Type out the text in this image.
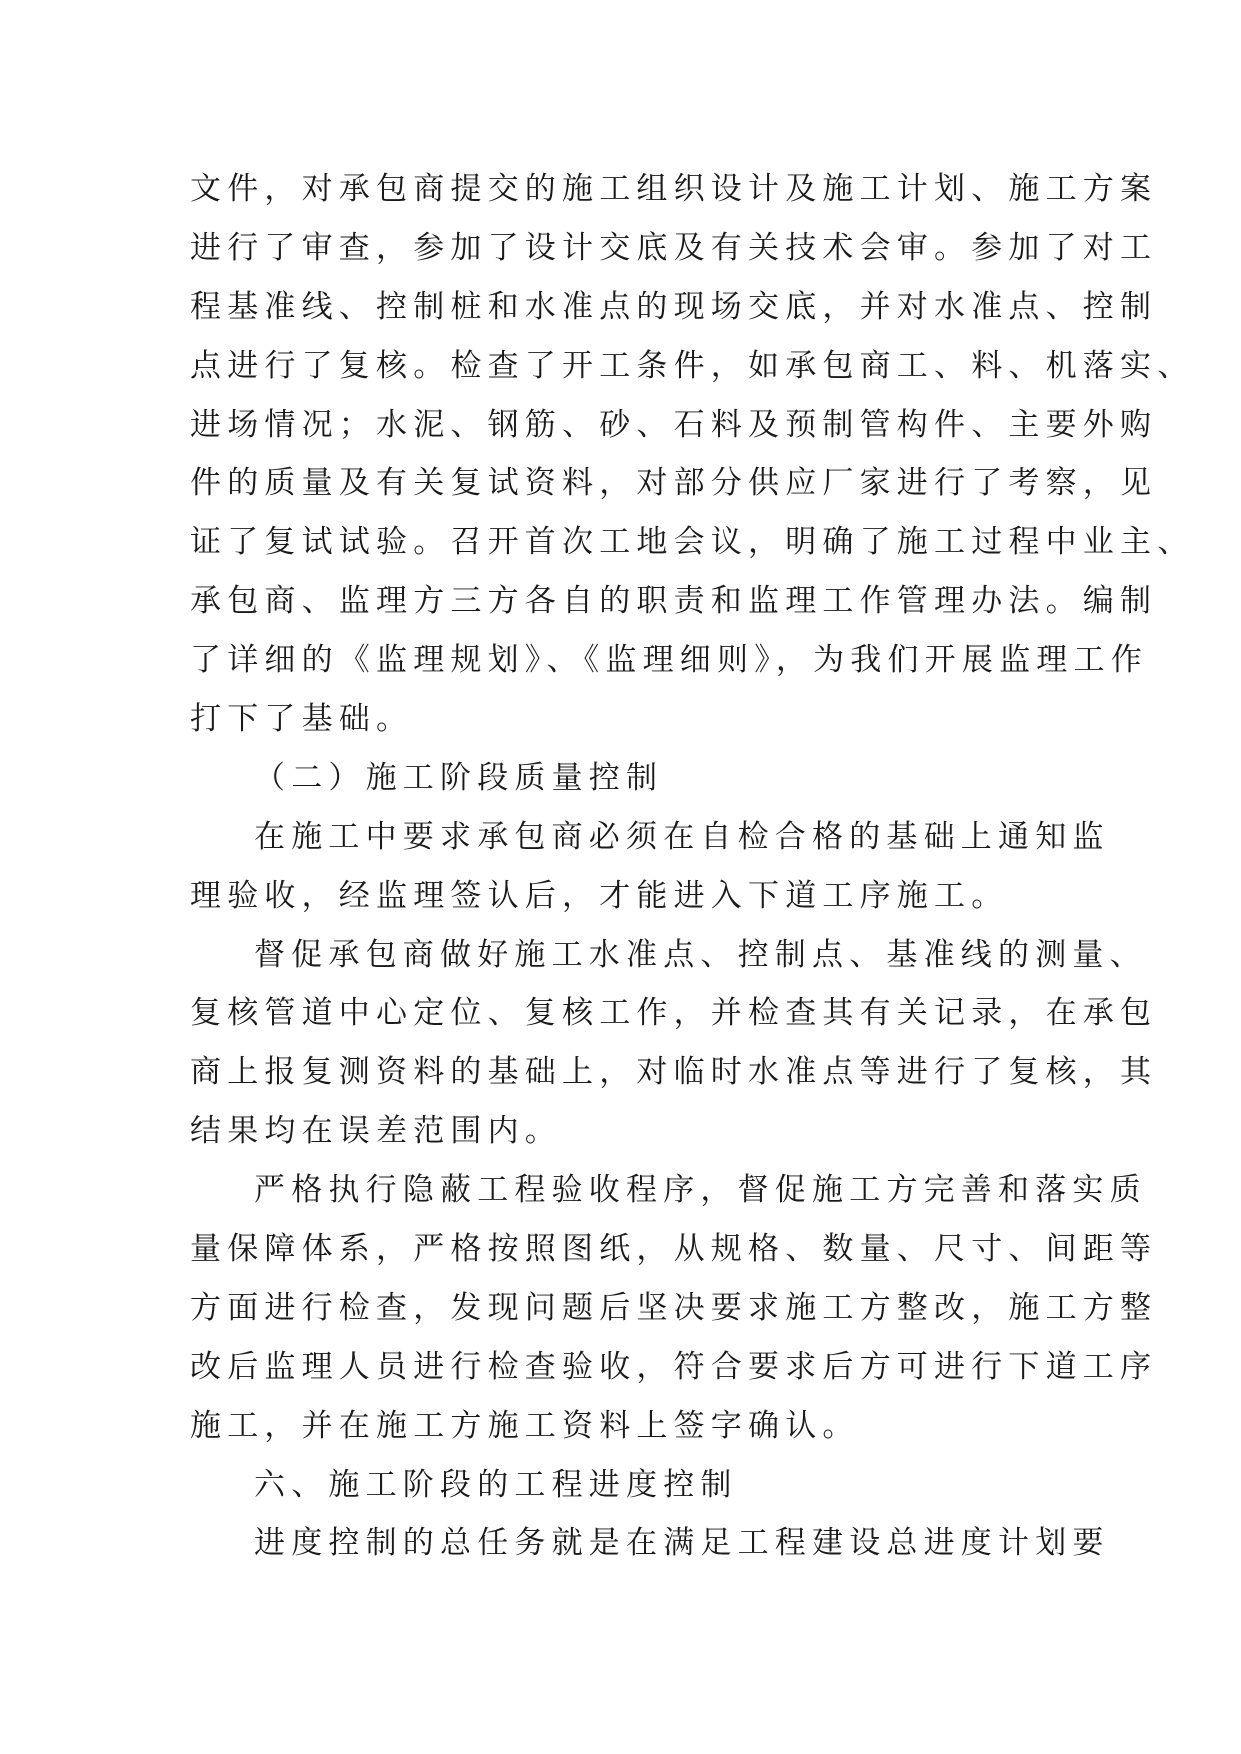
文件，对承包商提交的施工组织设计及施工计划、施工方案
进行了审查，参加了设计交底及有关技术会审。参加了对工
程基准线、控制桩和水准点的现场交底，并对水准点、控制
点进行了复核。检查了开工条件，如承包商工、料、机落实、
进场情况；水泥、钢筋、砂、石料及预制管构件、主要外购
件的质量及有关复试资料，对部分供应厂家进行了考察，见
证了复试试验。召开首次工地会议，明确了施工过程中业主、
承包商、监理方三方各自的职责和监理工作管理办法。编制
了详细的《监理规划》、《监理细则》，为我们开展监理工作
打下了基础。
（二）施工阶段质量控制
在施工中要求承包商必须在自检合格的基础上通知监
理验收，经监理签认后，才能进入下道工序施工。
督促承包商做好施工水准点、控制点、基准线的测量、
复核管道中心定位、复核工作，并检查其有关记录，在承包
商上报复测资料的基础上，对临时水准点等进行了复核，其
结果均在误差范围内。
严格执行隐蔽工程验收程序，督促施工方完善和落实质
量保障体系，严格按照图纸，从规格、数量、尺寸、间距等
方面进行检查，发现问题后坚决要求施工方整改，施工方整
改后监理人员进行检查验收，符合要求后方可进行下道工序
施工，并在施工方施工资料上签字确认。
六、施工阶段的工程进度控制
进度控制的总任务就是在满足工程建设总进度计划要
